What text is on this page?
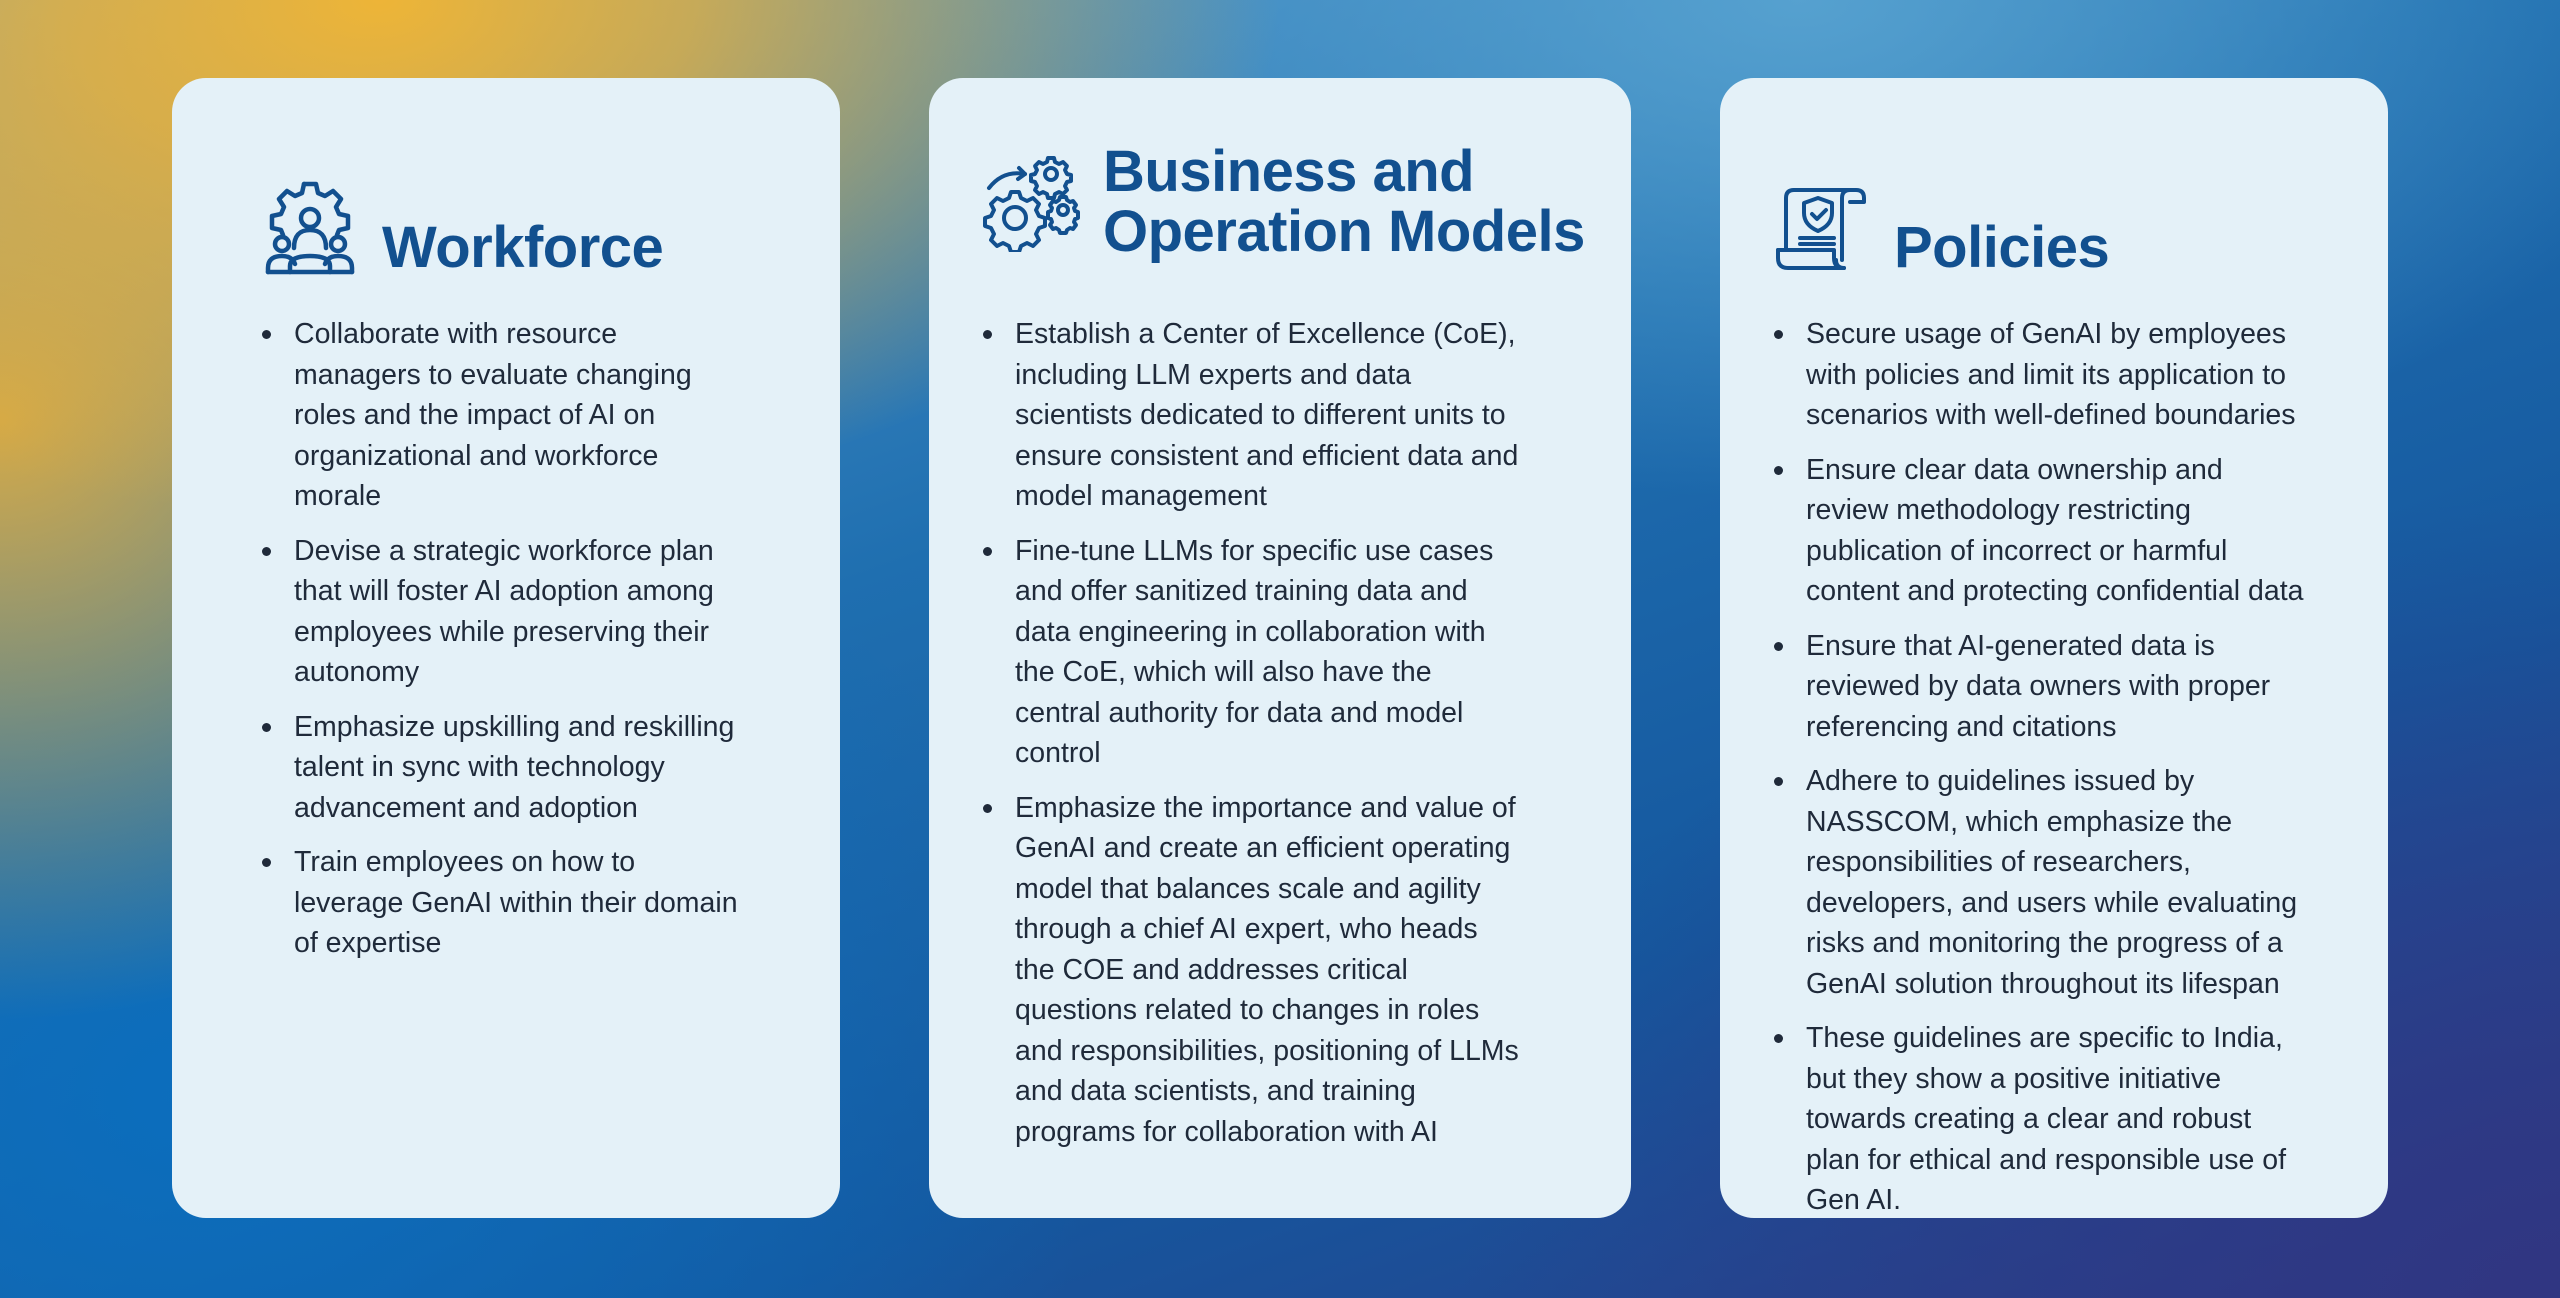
Workforce
Collaborate with resource managers to evaluate changing roles and the impact of AI on organizational and workforce morale
Devise a strategic workforce plan that will foster AI adoption among employees while preserving their autonomy
Emphasize upskilling and reskilling talent in sync with technology advancement and adoption
Train employees on how to leverage GenAI within their domain of expertise
Business and
Operation Models
Establish a Center of Excellence (CoE), including LLM experts and data scientists dedicated to different units to ensure consistent and efficient data and model management
Fine-tune LLMs for specific use cases and offer sanitized training data and data engineering in collaboration with the CoE, which will also have the central authority for data and model control
Emphasize the importance and value of GenAI and create an efficient operating model that balances scale and agility through a chief AI expert, who heads the COE and addresses critical questions related to changes in roles and responsibilities, positioning of LLMs and data scientists, and training programs for collaboration with AI
Policies
Secure usage of GenAI by employees with policies and limit its application to scenarios with well-defined boundaries
Ensure clear data ownership and review methodology restricting publication of incorrect or harmful content and protecting confidential data
Ensure that AI-generated data is reviewed by data owners with proper referencing and citations
Adhere to guidelines issued by NASSCOM, which emphasize the responsibilities of researchers, developers, and users while evaluating risks and monitoring the progress of a GenAI solution throughout its lifespan
These guidelines are specific to India, but they show a positive initiative towards creating a clear and robust plan for ethical and responsible use of Gen AI.
